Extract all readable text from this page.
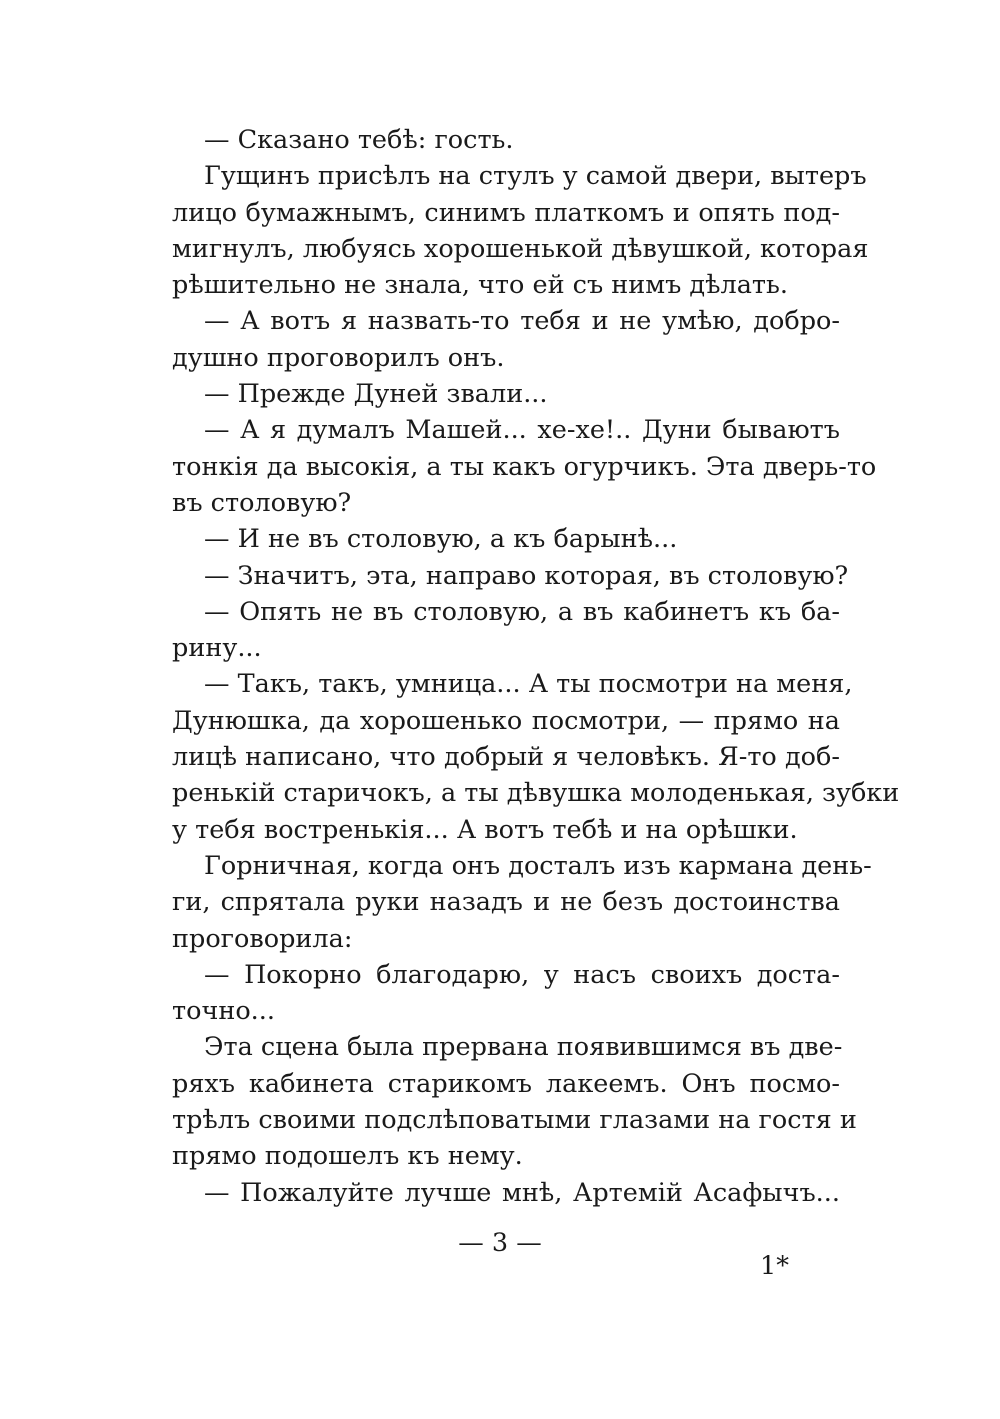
— Сказано тебѣ: гость.
Гущинъ присѣлъ на стулъ у самой двери, вытеръ
лицо бумажнымъ, синимъ платкомъ и опять под-
мигнулъ, любуясь хорошенькой дѣвушкой, которая
рѣшительно не знала, что ей съ нимъ дѣлать.
— А вотъ я назвать-то тебя и не умѣю, добро-
душно проговорилъ онъ.
— Прежде Дуней звали...
— А я думалъ Машей... хе-хе!.. Дуни бываютъ
тонкія да высокія, а ты какъ огурчикъ. Эта дверь-то
въ столовую?
— И не въ столовую, а къ барынѣ...
— Значитъ, эта, направо которая, въ столовую?
— Опять не въ столовую, а въ кабинетъ къ ба-
рину...
— Такъ, такъ, умница... А ты посмотри на меня,
Дунюшка, да хорошенько посмотри, — прямо на
лицѣ написано, что добрый я человѣкъ. Я-то доб-
ренькій старичокъ, а ты дѣвушка молоденькая, зубки
у тебя востренькія... А вотъ тебѣ и на орѣшки.
Горничная, когда онъ досталъ изъ кармана день-
ги, спрятала руки назадъ и не безъ достоинства
проговорила:
— Покорно благодарю, у насъ своихъ доста-
точно...
Эта сцена была прервана появившимся въ две-
ряхъ кабинета старикомъ лакеемъ. Онъ посмо-
трѣлъ своими подслѣповатыми глазами на гостя и
прямо подошелъ къ нему.
— Пожалуйте лучше мнѣ, Артемій Асафычъ...
— 3 —
1*
